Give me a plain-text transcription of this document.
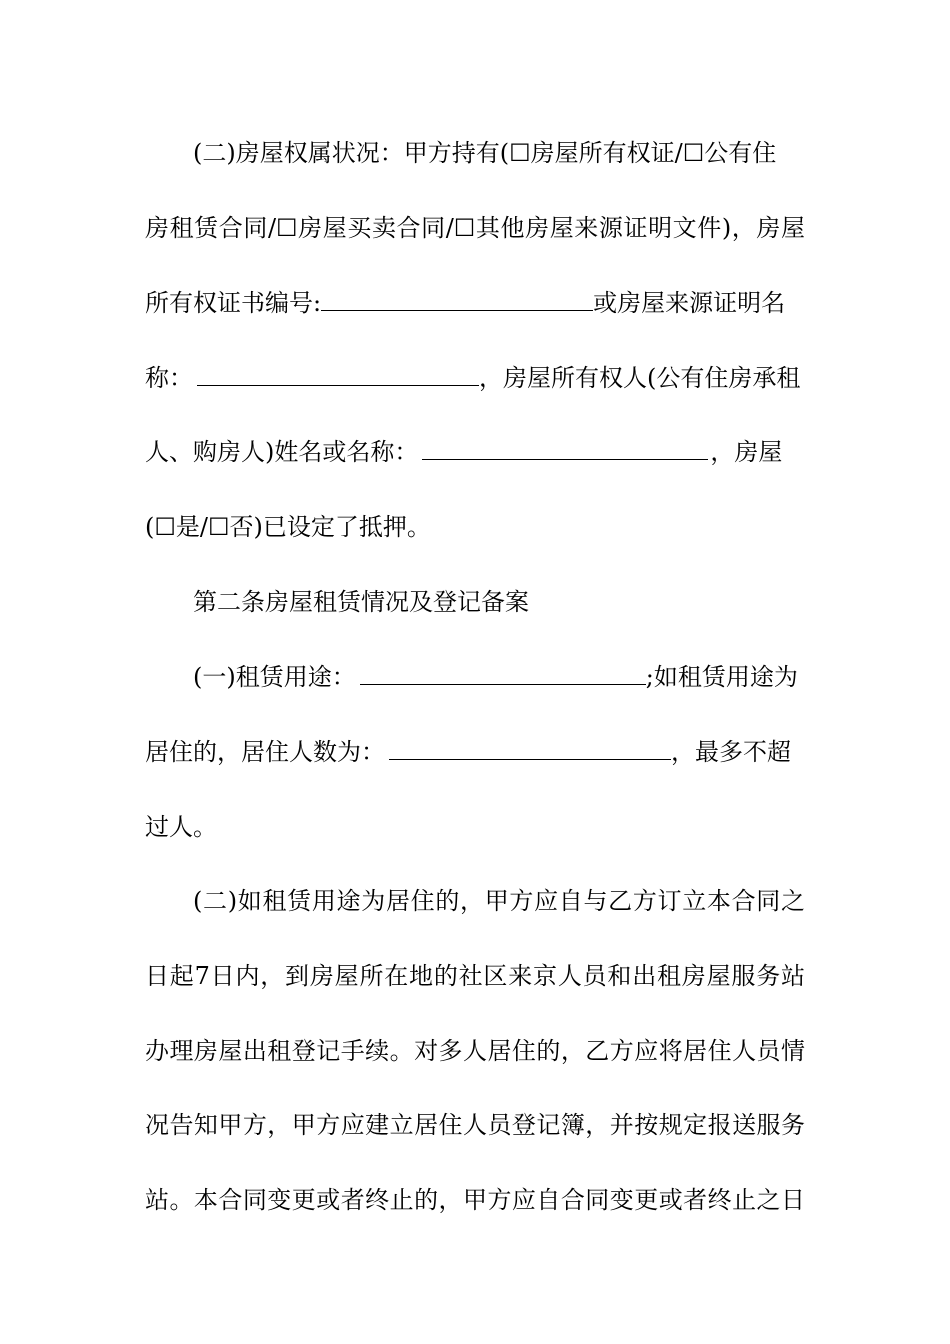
(二)房屋权属状况：甲方持有(☐房屋所有权证/☐公有住
房租赁合同/☐房屋买卖合同/☐其他房屋来源证明文件)，房屋
所有权证书编号:	或房屋来源证明名
称：	，房屋所有权人(公有住房承租
人、购房人)姓名或名称：	，房屋
(☐是/☐否)已设定了抵押。
第二条房屋租赁情况及登记备案
(一)租赁用途：	;如租赁用途为
居住的，居住人数为：	，最多不超
过人。
(二)如租赁用途为居住的，甲方应自与乙方订立本合同之
日起7日内，到房屋所在地的社区来京人员和出租房屋服务站
办理房屋出租登记手续。对多人居住的，乙方应将居住人员情
况告知甲方，甲方应建立居住人员登记簿，并按规定报送服务
站。本合同变更或者终止的，甲方应自合同变更或者终止之日
